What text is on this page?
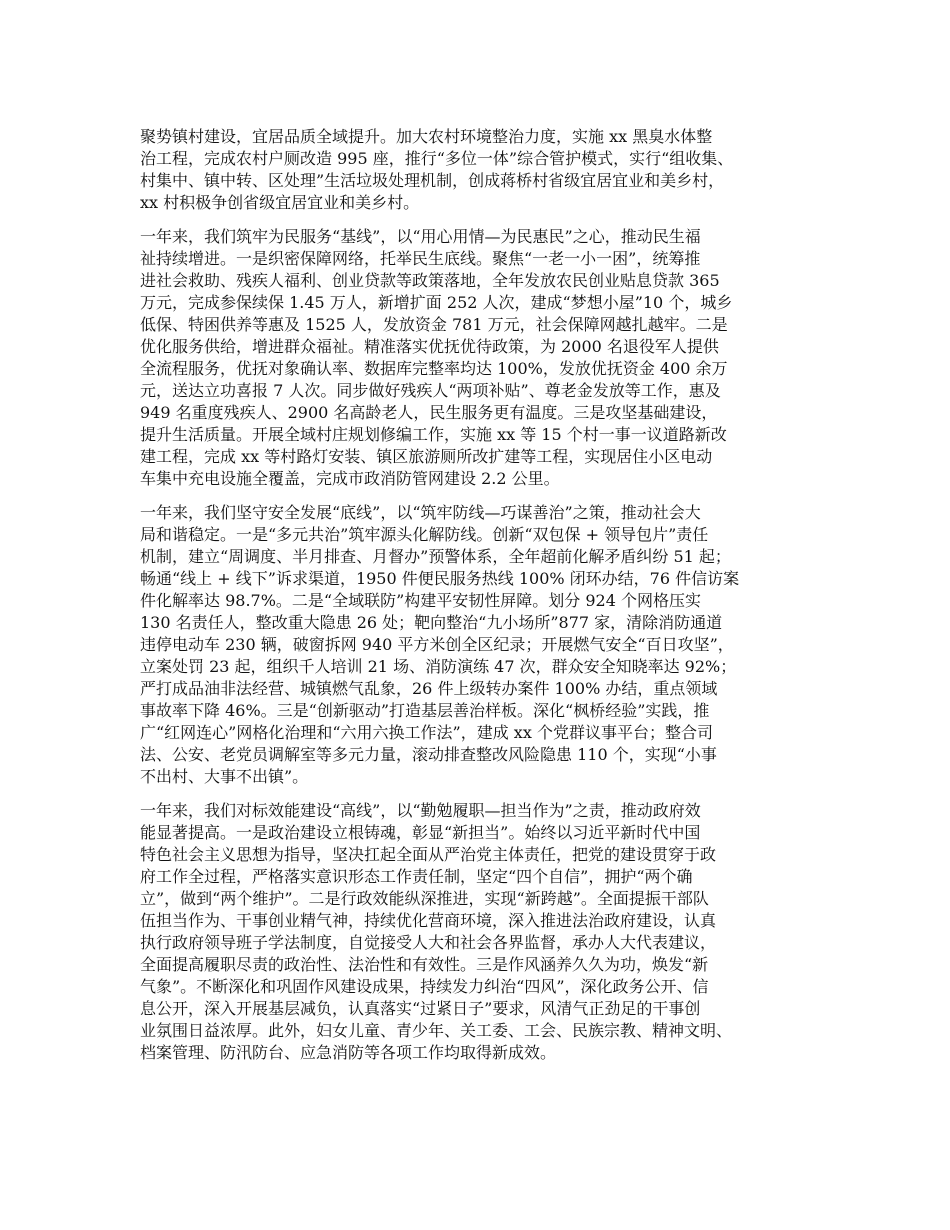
聚势镇村建设，宜居品质全域提升。加大农村环境整治力度，实施 xx 黑臭水体整
治工程，完成农村户厕改造 995 座，推行“多位一体”综合管护模式，实行“组收集、
村集中、镇中转、区处理”生活垃圾处理机制，创成蒋桥村省级宜居宜业和美乡村，
xx 村积极争创省级宜居宜业和美乡村。

一年来，我们筑牢为民服务“基线”，以“用心用情—为民惠民”之心，推动民生福
祉持续增进。一是织密保障网络，托举民生底线。聚焦“一老一小一困”，统筹推
进社会救助、残疾人福利、创业贷款等政策落地，全年发放农民创业贴息贷款 365
万元，完成参保续保 1.45 万人，新增扩面 252 人次，建成“梦想小屋”10 个，城乡
低保、特困供养等惠及 1525 人，发放资金 781 万元，社会保障网越扎越牢。二是
优化服务供给，增进群众福祉。精准落实优抚优待政策，为 2000 名退役军人提供
全流程服务，优抚对象确认率、数据库完整率均达 100%，发放优抚资金 400 余万
元，送达立功喜报 7 人次。同步做好残疾人“两项补贴”、尊老金发放等工作，惠及
949 名重度残疾人、2900 名高龄老人，民生服务更有温度。三是攻坚基础建设，
提升生活质量。开展全域村庄规划修编工作，实施 xx 等 15 个村一事一议道路新改
建工程，完成 xx 等村路灯安装、镇区旅游厕所改扩建等工程，实现居住小区电动
车集中充电设施全覆盖，完成市政消防管网建设 2.2 公里。

一年来，我们坚守安全发展“底线”，以“筑牢防线—巧谋善治”之策，推动社会大
局和谐稳定。一是“多元共治”筑牢源头化解防线。创新“双包保 + 领导包片”责任
机制，建立“周调度、半月排查、月督办”预警体系，全年超前化解矛盾纠纷 51 起；
畅通“线上 + 线下”诉求渠道，1950 件便民服务热线 100% 闭环办结，76 件信访案
件化解率达 98.7%。二是“全域联防”构建平安韧性屏障。划分 924 个网格压实
130 名责任人，整改重大隐患 26 处；靶向整治“九小场所”877 家，清除消防通道
违停电动车 230 辆，破窗拆网 940 平方米创全区纪录；开展燃气安全“百日攻坚”，
立案处罚 23 起，组织千人培训 21 场、消防演练 47 次，群众安全知晓率达 92%；
严打成品油非法经营、城镇燃气乱象，26 件上级转办案件 100% 办结，重点领域
事故率下降 46%。三是“创新驱动”打造基层善治样板。深化“枫桥经验”实践，推
广“红网连心”网格化治理和“六用六换工作法”，建成 xx 个党群议事平台；整合司
法、公安、老党员调解室等多元力量，滚动排查整改风险隐患 110 个，实现“小事
不出村、大事不出镇”。

一年来，我们对标效能建设“高线”，以“勤勉履职—担当作为”之责，推动政府效
能显著提高。一是政治建设立根铸魂，彰显“新担当”。始终以习近平新时代中国
特色社会主义思想为指导，坚决扛起全面从严治党主体责任，把党的建设贯穿于政
府工作全过程，严格落实意识形态工作责任制，坚定“四个自信”，拥护“两个确
立”，做到“两个维护”。二是行政效能纵深推进，实现“新跨越”。全面提振干部队
伍担当作为、干事创业精气神，持续优化营商环境，深入推进法治政府建设，认真
执行政府领导班子学法制度，自觉接受人大和社会各界监督，承办人大代表建议，
全面提高履职尽责的政治性、法治性和有效性。三是作风涵养久久为功，焕发“新
气象”。不断深化和巩固作风建设成果，持续发力纠治“四风”，深化政务公开、信
息公开，深入开展基层减负，认真落实“过紧日子”要求，风清气正劲足的干事创
业氛围日益浓厚。此外，妇女儿童、青少年、关工委、工会、民族宗教、精神文明、
档案管理、防汛防台、应急消防等各项工作均取得新成效。
